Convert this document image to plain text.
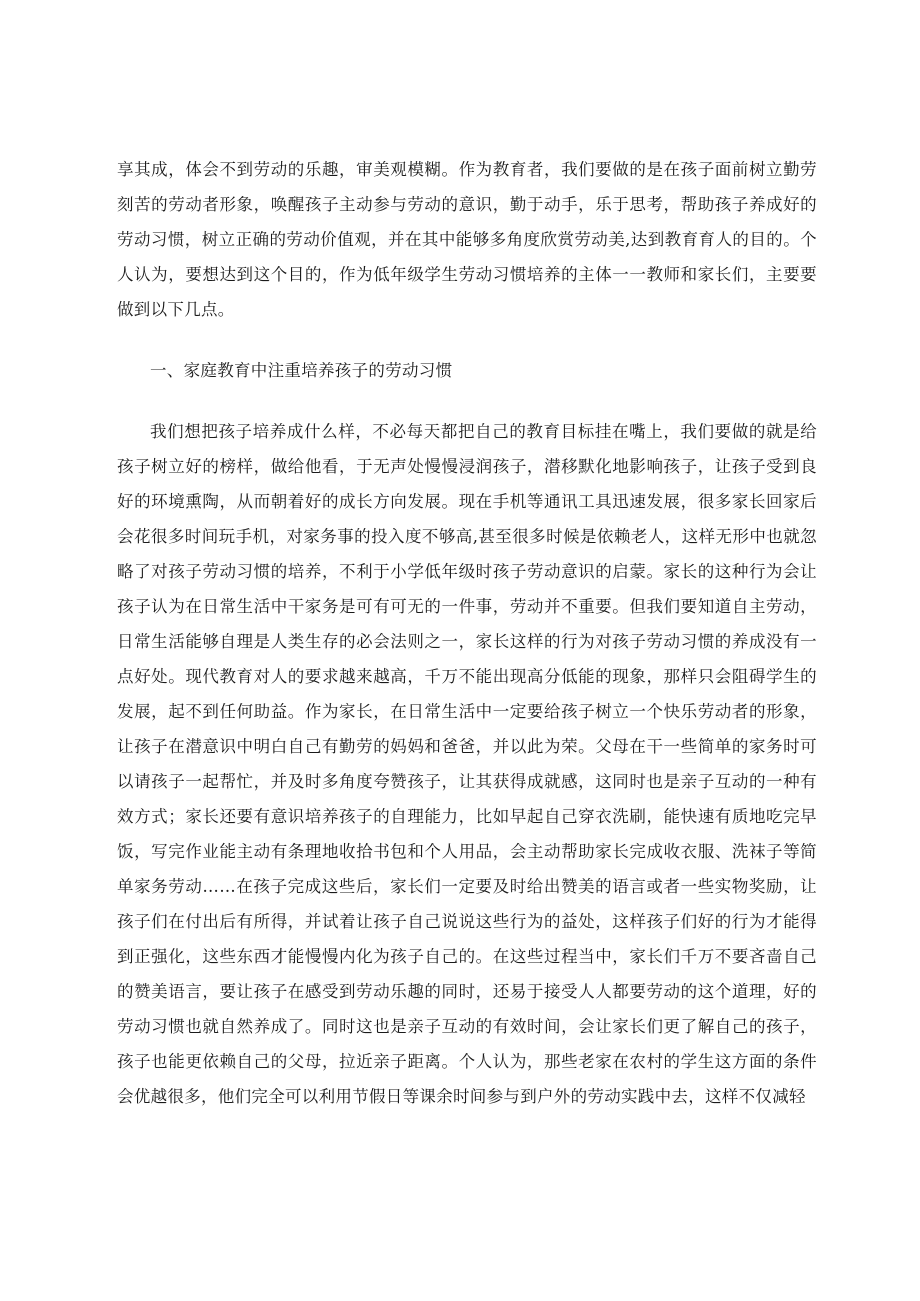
享其成，体会不到劳动的乐趣，审美观模糊。作为教育者，我们要做的是在孩子面前树立勤劳刻苦的劳动者形象，唤醒孩子主动参与劳动的意识，勤于动手，乐于思考，帮助孩子养成好的劳动习惯，树立正确的劳动价值观，并在其中能够多角度欣赏劳动美,达到教育育人的目的。个人认为，要想达到这个目的，作为低年级学生劳动习惯培养的主体一一教师和家长们，主要要做到以下几点。

一、家庭教育中注重培养孩子的劳动习惯

我们想把孩子培养成什么样，不必每天都把自己的教育目标挂在嘴上，我们要做的就是给孩子树立好的榜样，做给他看，于无声处慢慢浸润孩子，潜移默化地影响孩子，让孩子受到良好的环境熏陶，从而朝着好的成长方向发展。现在手机等通讯工具迅速发展，很多家长回家后会花很多时间玩手机，对家务事的投入度不够高,甚至很多时候是依赖老人，这样无形中也就忽略了对孩子劳动习惯的培养，不利于小学低年级时孩子劳动意识的启蒙。家长的这种行为会让孩子认为在日常生活中干家务是可有可无的一件事，劳动并不重要。但我们要知道自主劳动，日常生活能够自理是人类生存的必会法则之一，家长这样的行为对孩子劳动习惯的养成没有一点好处。现代教育对人的要求越来越高，千万不能出现高分低能的现象，那样只会阻碍学生的发展，起不到任何助益。作为家长，在日常生活中一定要给孩子树立一个快乐劳动者的形象，让孩子在潜意识中明白自己有勤劳的妈妈和爸爸，并以此为荣。父母在干一些简单的家务时可以请孩子一起帮忙，并及时多角度夸赞孩子，让其获得成就感，这同时也是亲子互动的一种有效方式；家长还要有意识培养孩子的自理能力，比如早起自己穿衣洗刷，能快速有质地吃完早饭，写完作业能主动有条理地收拾书包和个人用品，会主动帮助家长完成收衣服、洗袜子等简单家务劳动……在孩子完成这些后，家长们一定要及时给出赞美的语言或者一些实物奖励，让孩子们在付出后有所得，并试着让孩子自己说说这些行为的益处，这样孩子们好的行为才能得到正强化，这些东西才能慢慢内化为孩子自己的。在这些过程当中，家长们千万不要吝啬自己的赞美语言，要让孩子在感受到劳动乐趣的同时，还易于接受人人都要劳动的这个道理，好的劳动习惯也就自然养成了。同时这也是亲子互动的有效时间，会让家长们更了解自己的孩子，孩子也能更依赖自己的父母，拉近亲子距离。个人认为，那些老家在农村的学生这方面的条件会优越很多，他们完全可以利用节假日等课余时间参与到户外的劳动实践中去，这样不仅减轻
